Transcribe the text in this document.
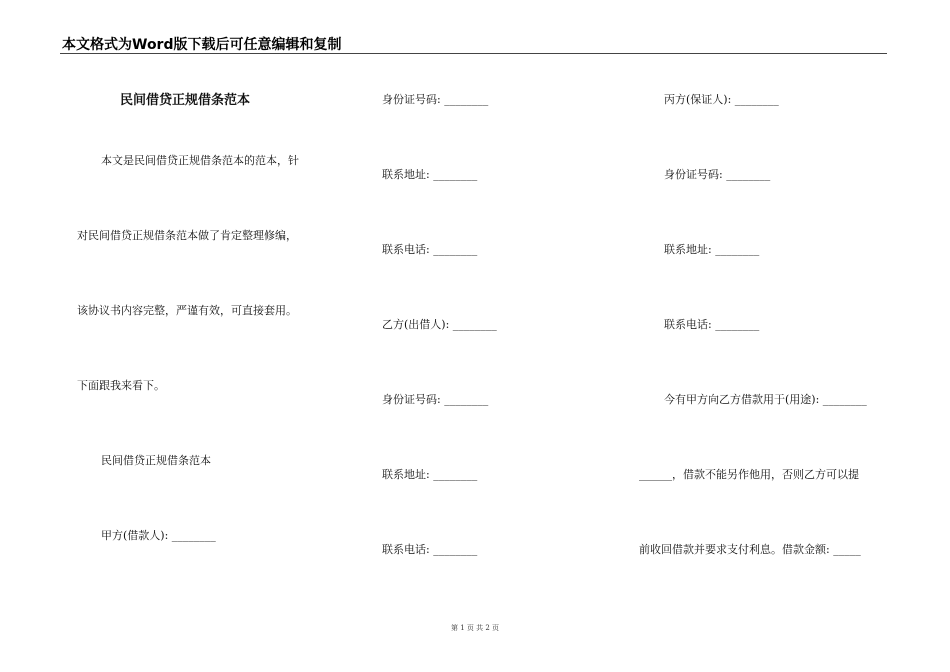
本文格式为Word版下载后可任意编辑和复制
民间借贷正规借条范本
本文是民间借贷正规借条范本的范本，针
对民间借贷正规借条范本做了肯定整理修编，
该协议书内容完整，严谨有效，可直接套用。
下面跟我来看下。
民间借贷正规借条范本
甲方(借款人): ________
身份证号码: ________
联系地址: ________
联系电话: ________
乙方(出借人): ________
身份证号码: ________
联系地址: ________
联系电话: ________
丙方(保证人): ________
身份证号码: ________
联系地址: ________
联系电话: ________
今有甲方向乙方借款用于(用途): ________
______，借款不能另作他用，否则乙方可以提
前收回借款并要求支付利息。借款金额: _____
第 1 页 共 2 页
